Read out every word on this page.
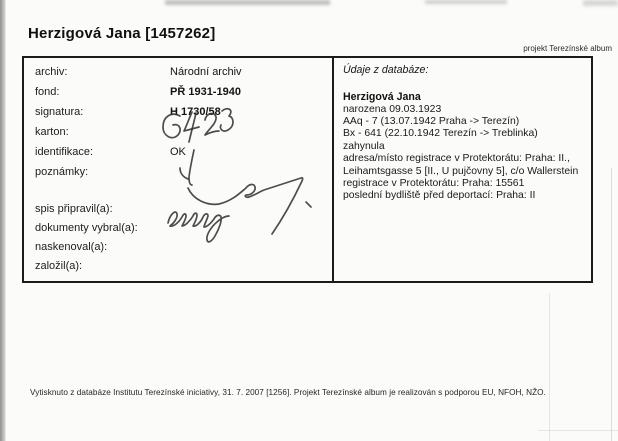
Herzigová Jana [1457262]
projekt Terezínské album
archiv:	Národní archiv
fond:	PŘ 1931-1940
signatura:	H 1730/58
karton:
identifikace:	OK
poznámky:
spis připravil(a):
dokumenty vybral(a):
naskenoval(a):
založil(a):
Údaje z databáze:
Herzigová Jana
narozena 09.03.1923
AAq - 7 (13.07.1942 Praha -> Terezín)
Bx - 641 (22.10.1942 Terezín -> Treblinka)
zahynula
adresa/místo registrace v Protektorátu: Praha: II., Leihamtsgasse 5 [II., U pujčovny 5], c/o Wallerstein
registrace v Protektorátu: Praha: 15561
poslední bydliště před deportací: Praha: II
Vytisknuto z databáze Institutu Terezínské iniciativy, 31. 7. 2007 [1256]. Projekt Terezínské album je realizován s podporou EU, NFOH, NŽO.
